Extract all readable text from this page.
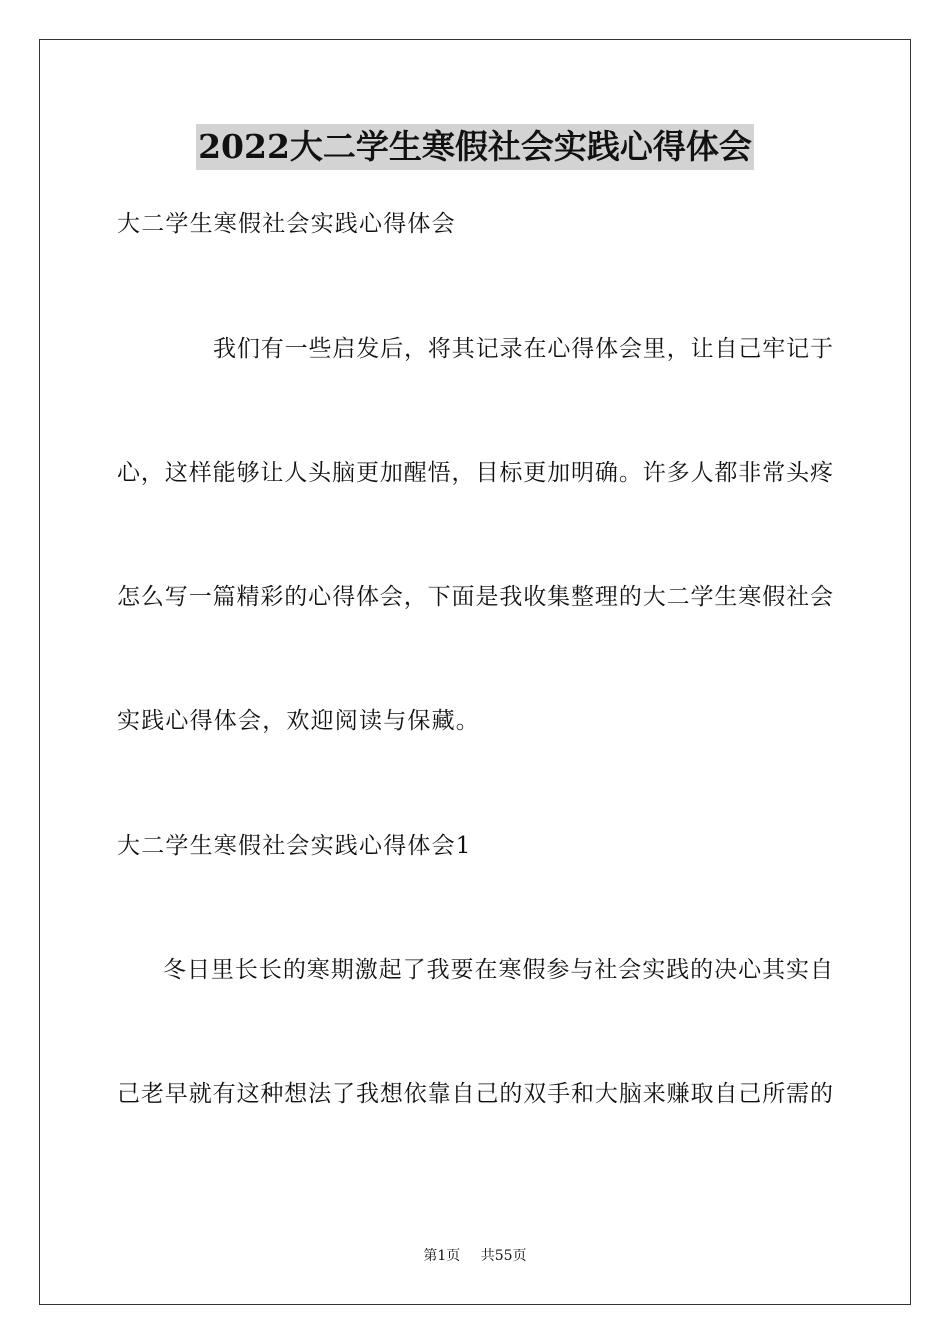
2022大二学生寒假社会实践心得体会
大二学生寒假社会实践心得体会
我们有一些启发后，将其记录在心得体会里，让自己牢记于
心，这样能够让人头脑更加醒悟，目标更加明确。许多人都非常头疼
怎么写一篇精彩的心得体会，下面是我收集整理的大二学生寒假社会
实践心得体会，欢迎阅读与保藏。
大二学生寒假社会实践心得体会1
冬日里长长的寒期激起了我要在寒假参与社会实践的决心其实自
己老早就有这种想法了我想依靠自己的双手和大脑来赚取自己所需的
第1页 共55页
